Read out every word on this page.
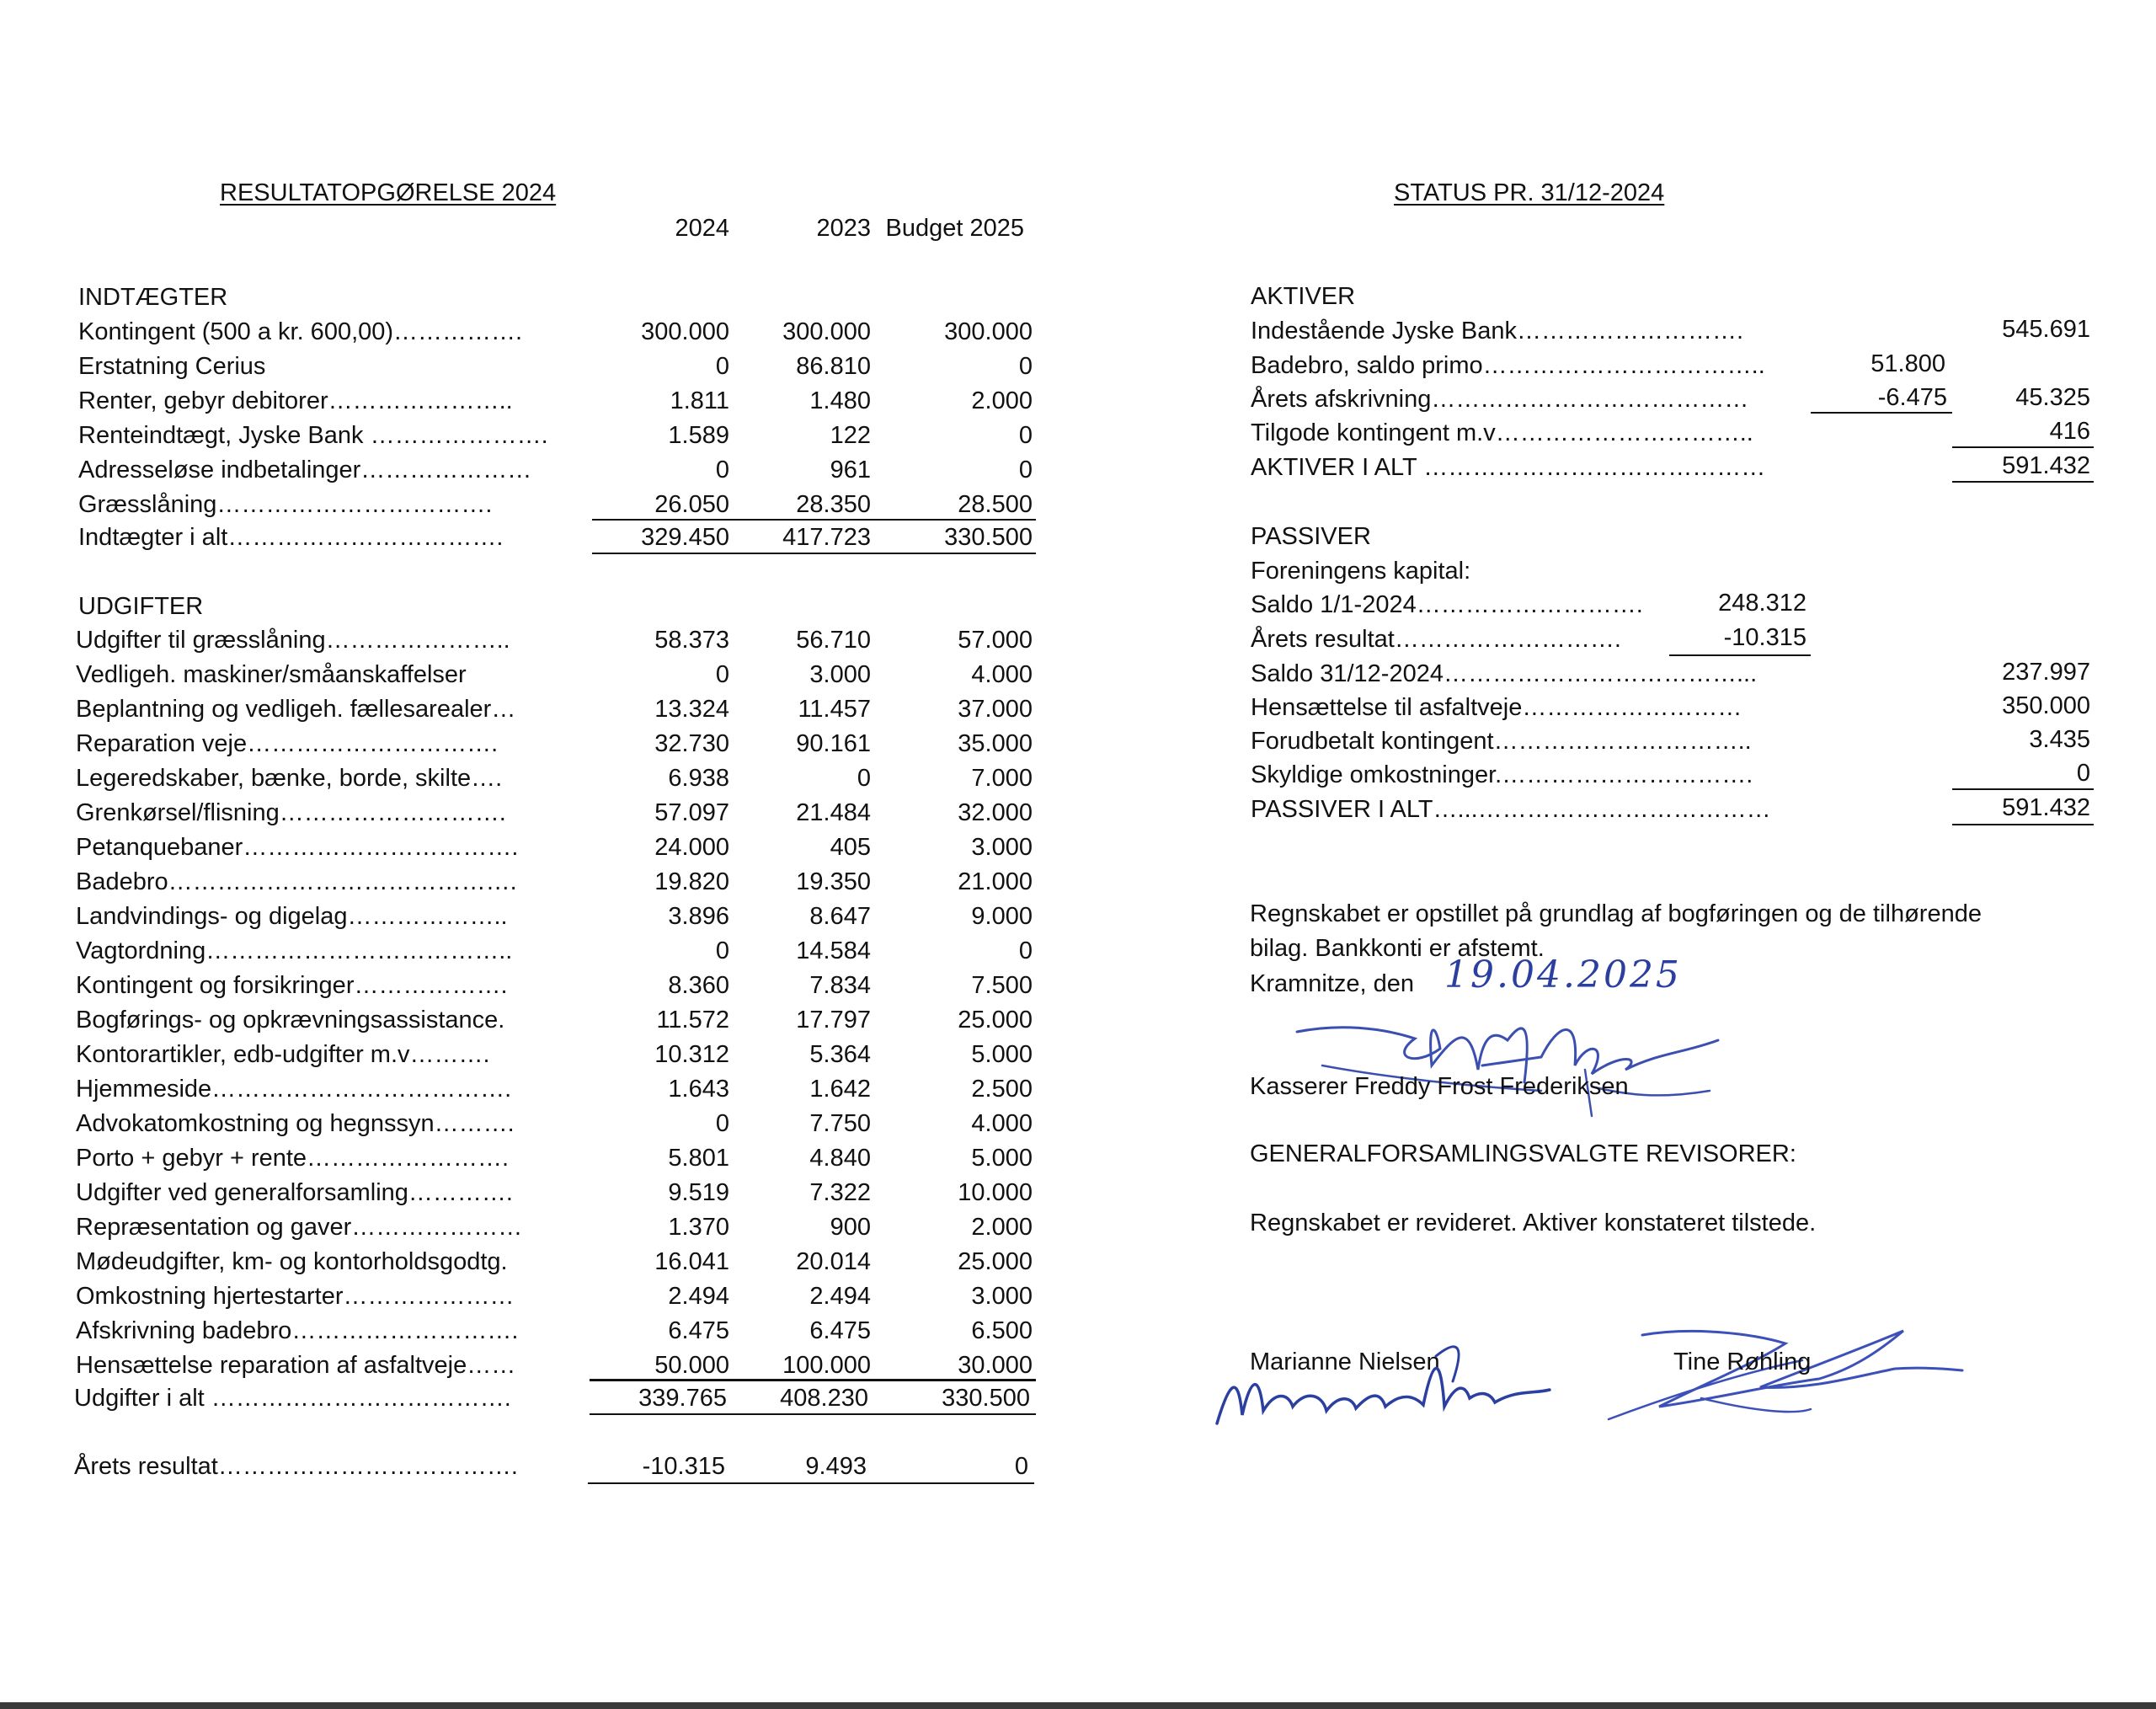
RESULTATOPGØRELSE 2024
2024	2023 Budget 2025
INDTÆGTER
Kontingent (500 a kr. 600,00)…………….	300.000	300.000	300.000
Erstatning Cerius	0	86.810	0
Renter, gebyr debitorer…………………..	1.811	1.480	2.000
Renteindtægt, Jyske Bank ………………….	1.589	122	0
Adresseløse indbetalinger…………………	0	961	0
Græsslåning…………………………….	26.050	28.350	28.500
Indtægter i alt…………………………….	329.450	417.723	330.500
UDGIFTER
Udgifter til græsslåning…………………..	58.373	56.710	57.000
Vedligeh. maskiner/småanskaffelser	0	3.000	4.000
Beplantning og vedligeh. fællesarealer…	13.324	11.457	37.000
Reparation veje………………………….	32.730	90.161	35.000
Legeredskaber, bænke, borde, skilte….	6.938	0	7.000
Grenkørsel/flisning……………………….	57.097	21.484	32.000
Petanquebaner…………………………….	24.000	405	3.000
Badebro…………………………………….	19.820	19.350	21.000
Landvindings- og digelag………………..	3.896	8.647	9.000
Vagtordning………………………………..	0	14.584	0
Kontingent og forsikringer……………….	8.360	7.834	7.500
Bogførings- og opkrævningsassistance.	11.572	17.797	25.000
Kontorartikler, edb-udgifter m.v……….	10.312	5.364	5.000
Hjemmeside……………………………….	1.643	1.642	2.500
Advokatomkostning og hegnssyn……….	0	7.750	4.000
Porto + gebyr + rente…………………….	5.801	4.840	5.000
Udgifter ved generalforsamling………….	9.519	7.322	10.000
Repræsentation og gaver…………………	1.370	900	2.000
Mødeudgifter, km- og kontorholdsgodtg.	16.041	20.014	25.000
Omkostning hjertestarter…………………	2.494	2.494	3.000
Afskrivning badebro……………………….	6.475	6.475	6.500
Hensættelse reparation af asfaltveje……	50.000	100.000	30.000
Udgifter i alt ……………………………….	339.765	408.230	330.500
Årets resultat……………………………….	-10.315	9.493	0
STATUS PR. 31/12-2024
AKTIVER
Indestående Jyske Bank……………………….	545.691
Badebro, saldo primo……………………………..	51.800
Årets afskrivning…………………………………	-6.475	45.325
Tilgode kontingent m.v…………………………..	416
AKTIVER I ALT ……………………………………	591.432
PASSIVER
Foreningens kapital:
Saldo 1/1-2024……………………….	248.312
Årets resultat……………………….	-10.315
Saldo 31/12-2024………………………………...	237.997
Hensættelse til asfaltveje………………………	350.000
Forudbetalt kontingent…………………………..	3.435
Skyldige omkostninger.………………………….	0
PASSIVER I ALT…...………………………………	591.432
Regnskabet er opstillet på grundlag af bogføringen og de tilhørende
bilag. Bankkonti er afstemt.
Kramnitze, den 19.04.2025
Kasserer Freddy Frost Frederiksen
GENERALFORSAMLINGSVALGTE REVISORER:
Regnskabet er revideret. Aktiver konstateret tilstede.
Marianne Nielsen	Tine Røhling
